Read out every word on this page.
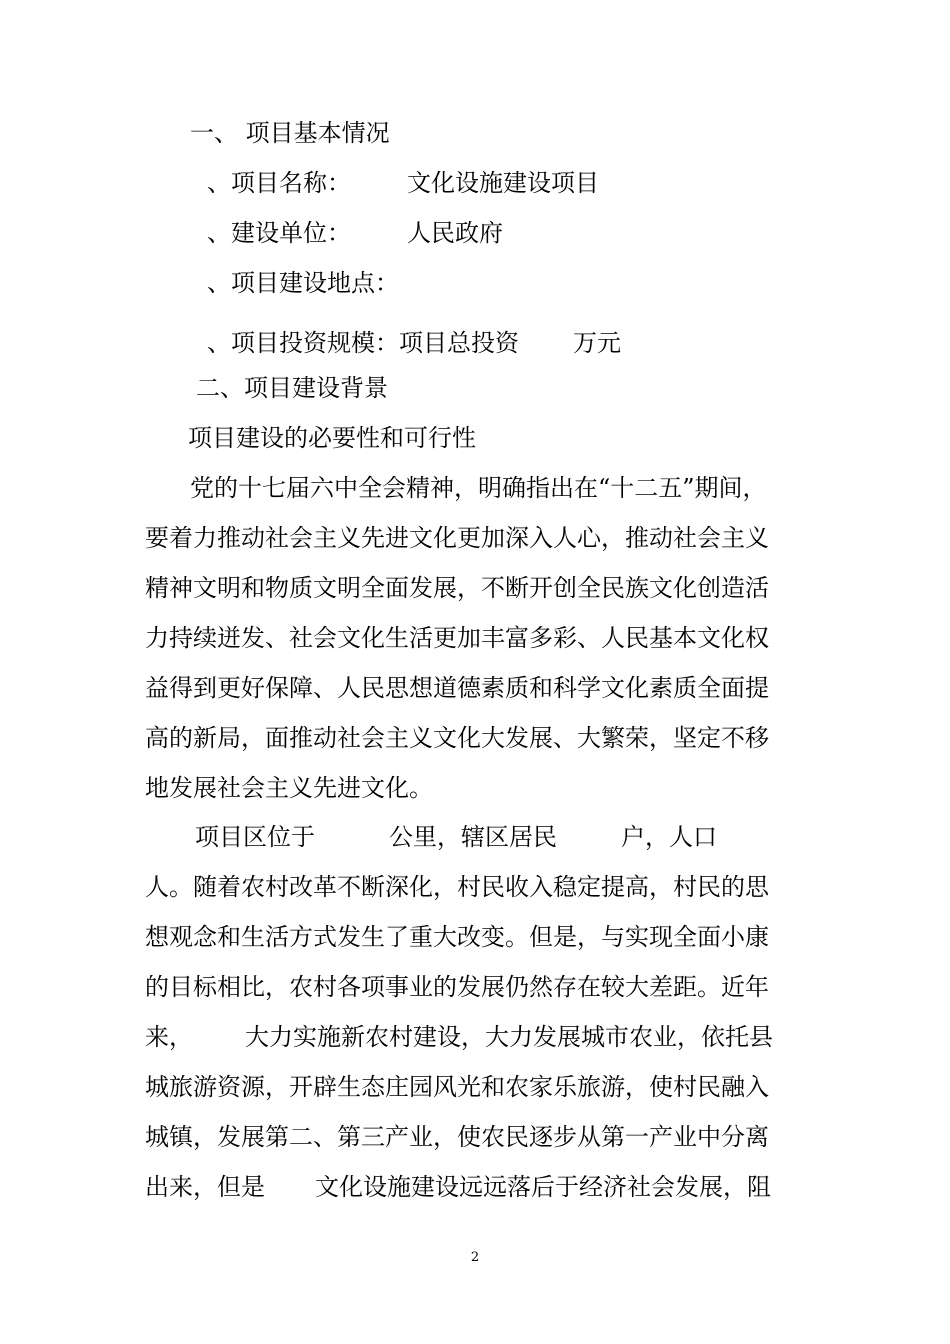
一、 项目基本情况

、项目名称： 文化设施建设项目

、建设单位： 人民政府

、项目建设地点：

、项目投资规模：项目总投资 万元

二、项目建设背景

项目建设的必要性和可行性

党的十七届六中全会精神，明确指出在“十二五”期间，

要着力推动社会主义先进文化更加深入人心，推动社会主义

精神文明和物质文明全面发展，不断开创全民族文化创造活

力持续迸发、社会文化生活更加丰富多彩、人民基本文化权

益得到更好保障、人民思想道德素质和科学文化素质全面提

高的新局，面推动社会主义文化大发展、大繁荣，坚定不移

地发展社会主义先进文化。

项目区位于	公里，辖区居民	户，人口

人。随着农村改革不断深化，村民收入稳定提高，村民的思

想观念和生活方式发生了重大改变。但是，与实现全面小康

的目标相比，农村各项事业的发展仍然存在较大差距。近年

来， 大力实施新农村建设，大力发展城市农业，依托县

城旅游资源，开辟生态庄园风光和农家乐旅游，使村民融入

城镇，发展第二、第三产业，使农民逐步从第一产业中分离

出来，但是 文化设施建设远远落后于经济社会发展，阻

2
